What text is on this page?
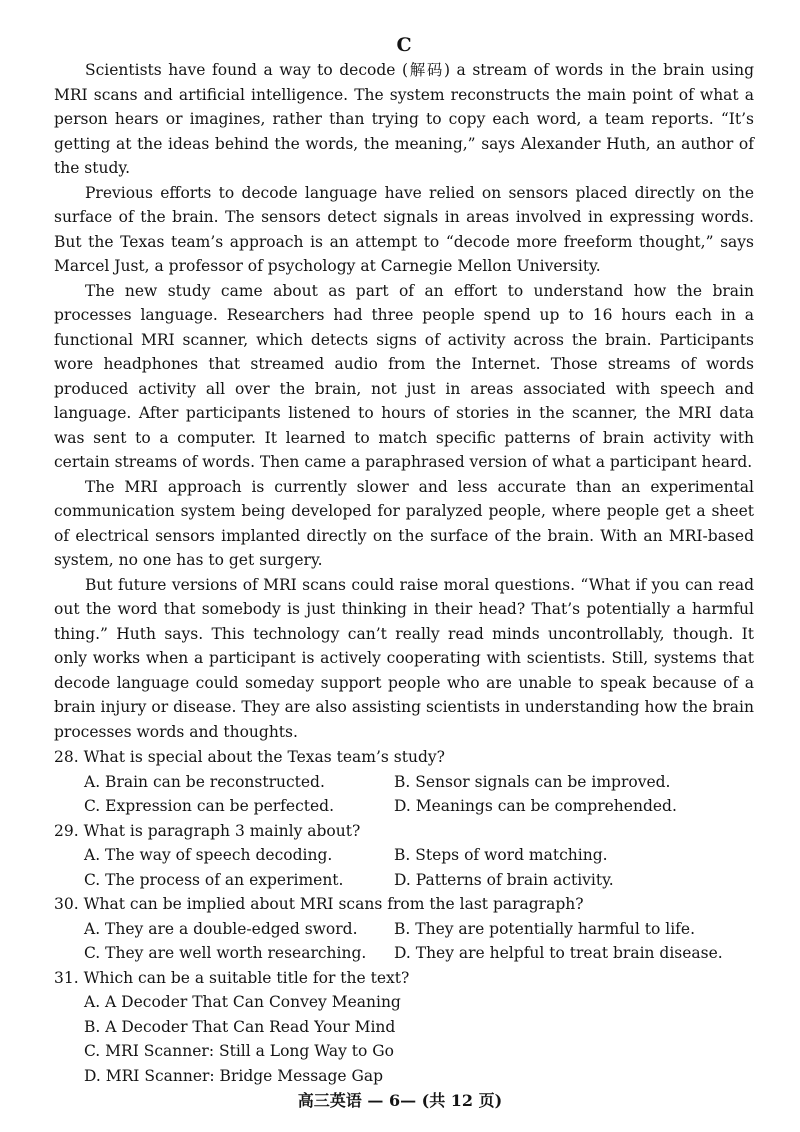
C

Scientists have found a way to decode (解码) a stream of words in the brain using MRI scans and artificial intelligence. The system reconstructs the main point of what a person hears or imagines, rather than trying to copy each word, a team reports. “It’s getting at the ideas behind the words, the meaning,” says Alexander Huth, an author of the study.

Previous efforts to decode language have relied on sensors placed directly on the surface of the brain. The sensors detect signals in areas involved in expressing words. But the Texas team’s approach is an attempt to “decode more freeform thought,” says Marcel Just, a professor of psychology at Carnegie Mellon University.

The new study came about as part of an effort to understand how the brain processes language. Researchers had three people spend up to 16 hours each in a functional MRI scanner, which detects signs of activity across the brain. Participants wore headphones that streamed audio from the Internet. Those streams of words produced activity all over the brain, not just in areas associated with speech and language. After participants listened to hours of stories in the scanner, the MRI data was sent to a computer. It learned to match specific patterns of brain activity with certain streams of words. Then came a paraphrased version of what a participant heard.

The MRI approach is currently slower and less accurate than an experimental communication system being developed for paralyzed people, where people get a sheet of electrical sensors implanted directly on the surface of the brain. With an MRI-based system, no one has to get surgery.

But future versions of MRI scans could raise moral questions. “What if you can read out the word that somebody is just thinking in their head? That’s potentially a harmful thing.” Huth says. This technology can’t really read minds uncontrollably, though. It only works when a participant is actively cooperating with scientists. Still, systems that decode language could someday support people who are unable to speak because of a brain injury or disease. They are also assisting scientists in understanding how the brain processes words and thoughts.

28. What is special about the Texas team’s study?

A. Brain can be reconstructed.	B. Sensor signals can be improved.
C. Expression can be perfected.	D. Meanings can be comprehended.

29. What is paragraph 3 mainly about?

A. The way of speech decoding.	B. Steps of word matching.
C. The process of an experiment.	D. Patterns of brain activity.

30. What can be implied about MRI scans from the last paragraph?

A. They are a double-edged sword.	B. They are potentially harmful to life.
C. They are well worth researching.	D. They are helpful to treat brain disease.

31. Which can be a suitable title for the text?

A. A Decoder That Can Convey Meaning
B. A Decoder That Can Read Your Mind
C. MRI Scanner: Still a Long Way to Go
D. MRI Scanner: Bridge Message Gap
高三英语 — 6— (共 12 页)
